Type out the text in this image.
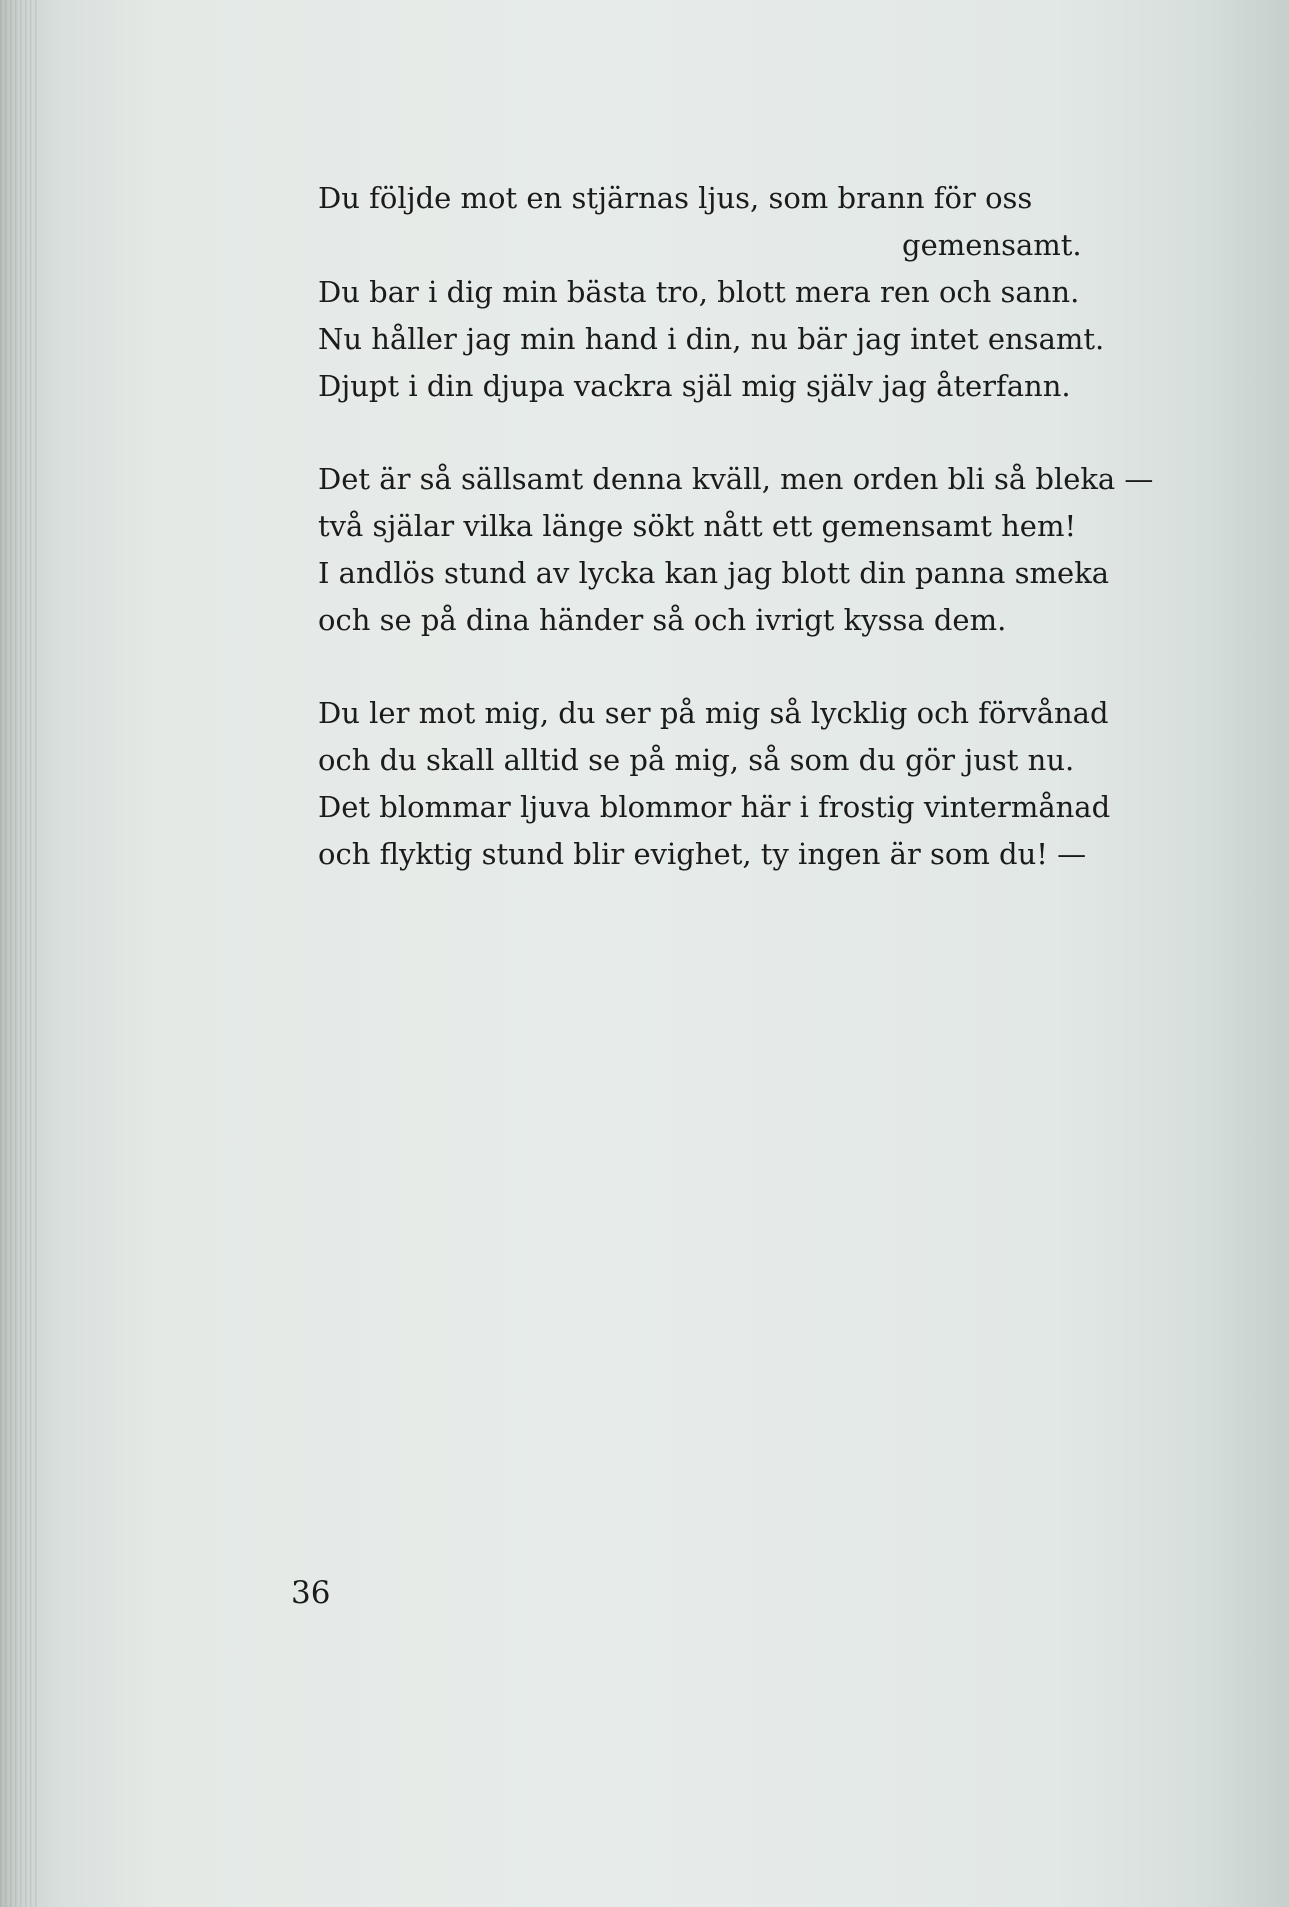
Du följde mot en stjärnas ljus, som brann för oss
gemensamt.
Du bar i dig min bästa tro, blott mera ren och sann.
Nu håller jag min hand i din, nu bär jag intet ensamt.
Djupt i din djupa vackra själ mig själv jag återfann.
Det är så sällsamt denna kväll, men orden bli så bleka —
två själar vilka länge sökt nått ett gemensamt hem!
I andlös stund av lycka kan jag blott din panna smeka
och se på dina händer så och ivrigt kyssa dem.
Du ler mot mig, du ser på mig så lycklig och förvånad
och du skall alltid se på mig, så som du gör just nu.
Det blommar ljuva blommor här i frostig vintermånad
och flyktig stund blir evighet, ty ingen är som du! —
36
